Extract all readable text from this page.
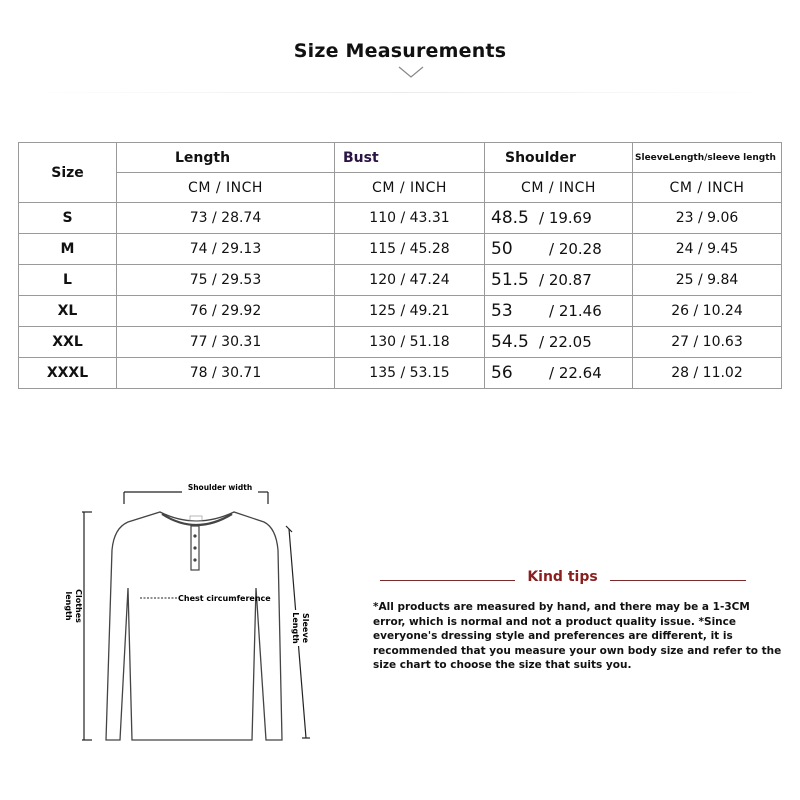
Size Measurements
Size	Length	Bust	Shoulder	SleeveLength/sleeve length
	CM / INCH	CM / INCH	CM / INCH	CM / INCH
S	73 / 28.74	110 / 43.31	48.5 / 19.69	23 / 9.06
M	74 / 29.13	115 / 45.28	50 / 20.28	24 / 9.45
L	75 / 29.53	120 / 47.24	51.5 / 20.87	25 / 9.84
XL	76 / 29.92	125 / 49.21	53 / 21.46	26 / 10.24
XXL	77 / 30.31	130 / 51.18	54.5 / 22.05	27 / 10.63
XXXL	78 / 30.71	135 / 53.15	56 / 22.64	28 / 11.02
Shoulder width
Clothes
length
Sleeve
Length
Chest circumference
Kind tips
*All products are measured by hand, and there may be a 1-3CM error, which is normal and not a product quality issue. *Since everyone's dressing style and preferences are different, it is recommended that you measure your own body size and refer to the size chart to choose the size that suits you.
